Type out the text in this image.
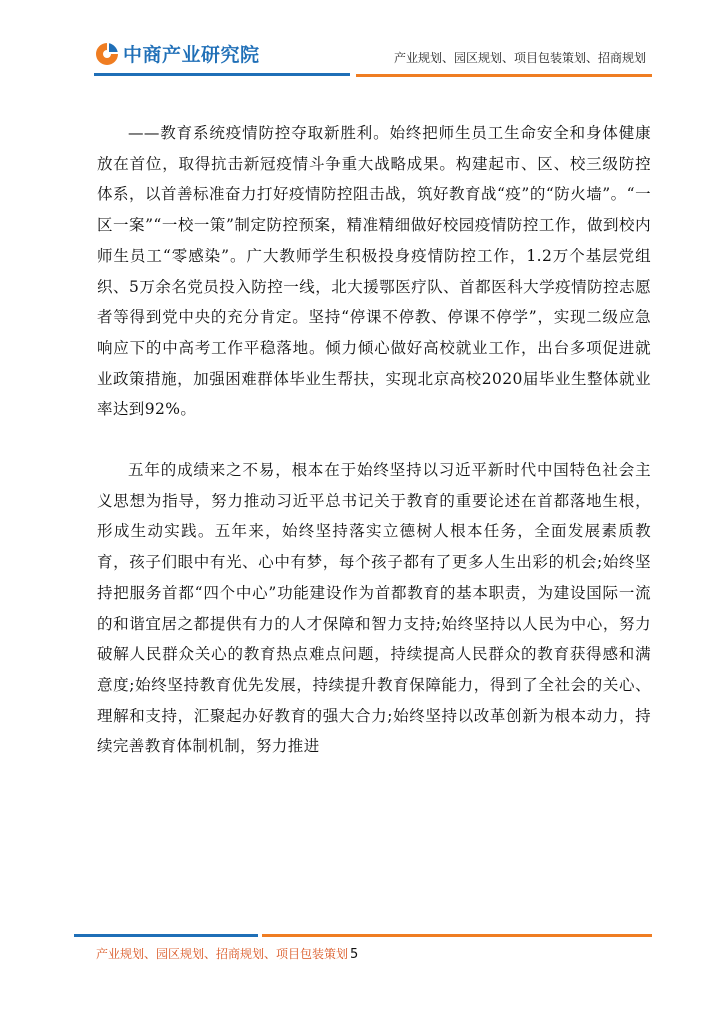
中商产业研究院	产业规划、园区规划、项目包装策划、招商规划

——教育系统疫情防控夺取新胜利。始终把师生员工生命安全和身体健康放在首位，取得抗击新冠疫情斗争重大战略成果。构建起市、区、校三级防控体系，以首善标准奋力打好疫情防控阻击战，筑好教育战“疫”的“防火墙”。“一区一案”“一校一策”制定防控预案，精准精细做好校园疫情防控工作，做到校内师生员工“零感染”。广大教师学生积极投身疫情防控工作，1.2万个基层党组织、5万余名党员投入防控一线，北大援鄂医疗队、首都医科大学疫情防控志愿者等得到党中央的充分肯定。坚持“停课不停教、停课不停学”，实现二级应急响应下的中高考工作平稳落地。倾力倾心做好高校就业工作，出台多项促进就业政策措施，加强困难群体毕业生帮扶，实现北京高校2020届毕业生整体就业率达到92%。

五年的成绩来之不易，根本在于始终坚持以习近平新时代中国特色社会主义思想为指导，努力推动习近平总书记关于教育的重要论述在首都落地生根，形成生动实践。五年来，始终坚持落实立德树人根本任务，全面发展素质教育，孩子们眼中有光、心中有梦，每个孩子都有了更多人生出彩的机会;始终坚持把服务首都“四个中心”功能建设作为首都教育的基本职责，为建设国际一流的和谐宜居之都提供有力的人才保障和智力支持;始终坚持以人民为中心，努力破解人民群众关心的教育热点难点问题，持续提高人民群众的教育获得感和满意度;始终坚持教育优先发展，持续提升教育保障能力，得到了全社会的关心、理解和支持，汇聚起办好教育的强大合力;始终坚持以改革创新为根本动力，持续完善教育体制机制，努力推进

产业规划、园区规划、招商规划、项目包装策划 5
